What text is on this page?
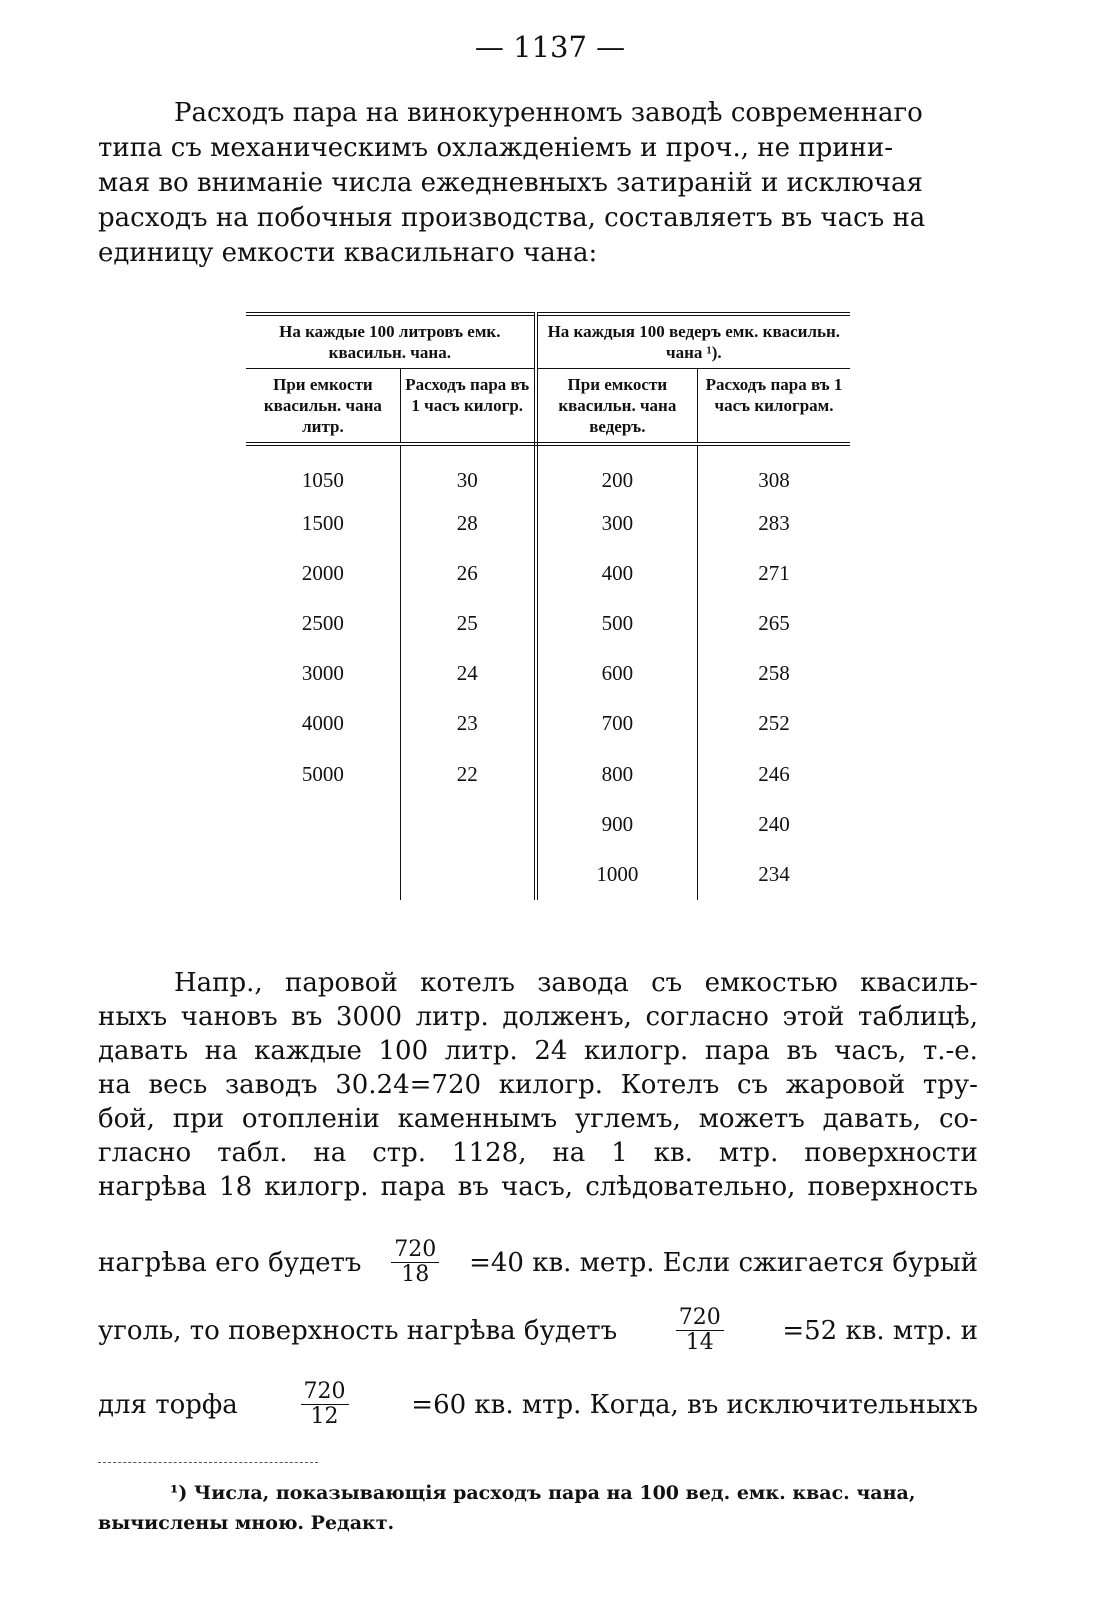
— 1137 —
Расходъ пара на винокуренномъ заводѣ современнаго
типа съ механическимъ охлажденіемъ и проч., не прини-
мая во вниманіе числа ежедневныхъ затираній и исключая
расходъ на побочныя производства, составляетъ въ часъ на
единицу емкости квасильнаго чана:
На каждые 100 литровъ емк. квасильн. чана.		На каждыя 100 ведеръ емк. квасильн. чана ¹).	
При емкости квасильн. чана литр.	Расходъ пара въ 1 часъ килогр.	При емкости квасильн. чана ведеръ.	Расходъ пара въ 1 часъ килограм.
1050	30	200	308
1500	28	300	283
2000	26	400	271
2500	25	500	265
3000	24	600	258
4000	23	700	252
5000	22	800	246
		900	240
		1000	234
Напр., паровой котелъ завода съ емкостью квасиль-
ныхъ чановъ въ 3000 литр. долженъ, согласно этой таблицѣ,
давать на каждые 100 литр. 24 килогр. пара въ часъ, т.-е.
на весь заводъ 30.24=720 килогр. Котелъ съ жаровой тру-
бой, при отопленіи каменнымъ углемъ, можетъ давать, со-
гласно табл. на стр. 1128, на 1 кв. мтр. поверхности
нагрѣва 18 килогр. пара въ часъ, слѣдовательно, поверхность
нагрѣва его будетъ $\frac{720}{18} =40$ кв. метр. Если сжигается бурый
уголь, то поверхность нагрѣва будетъ	$\frac{720}{14} =52$ кв. мтр. и
для торфа	$\frac{720}{12} =60$ кв. мтр. Когда, въ исключительныхъ
¹) Числа, показывающія расходъ пара на 100 вед. емк. квас. чана,
вычислены мною. Редакт.
